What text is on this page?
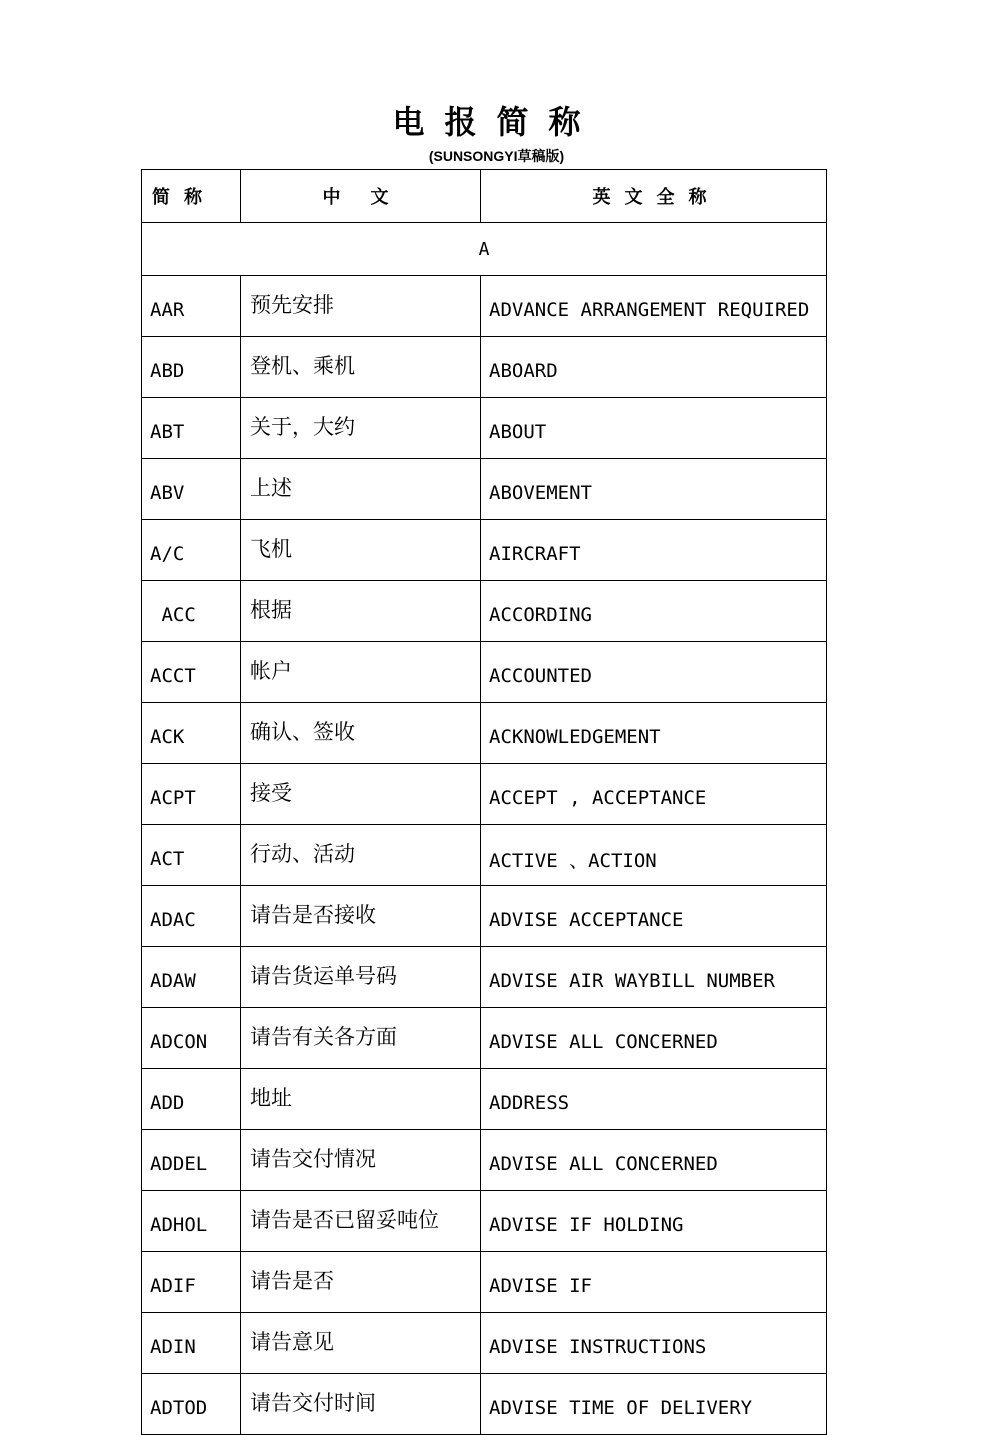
电报简称
(SUNSONGYI草稿版)
简称	中文	英文全称
A		
AAR	预先安排	ADVANCE ARRANGEMENT REQUIRED
ABD	登机、乘机	ABOARD
ABT	关于，大约	ABOUT
ABV	上述	ABOVEMENT
A/C	飞机	AIRCRAFT
ACC	根据	ACCORDING
ACCT	帐户	ACCOUNTED
ACK	确认、签收	ACKNOWLEDGEMENT
ACPT	接受	ACCEPT , ACCEPTANCE
ACT	行动、活动	ACTIVE 、ACTION
ADAC	请告是否接收	ADVISE ACCEPTANCE
ADAW	请告货运单号码	ADVISE AIR WAYBILL NUMBER
ADCON	请告有关各方面	ADVISE ALL CONCERNED
ADD	地址	ADDRESS
ADDEL	请告交付情况	ADVISE ALL CONCERNED
ADHOL	请告是否已留妥吨位	ADVISE IF HOLDING
ADIF	请告是否	ADVISE IF
ADIN	请告意见	ADVISE INSTRUCTIONS
ADTOD	请告交付时间	ADVISE TIME OF DELIVERY
